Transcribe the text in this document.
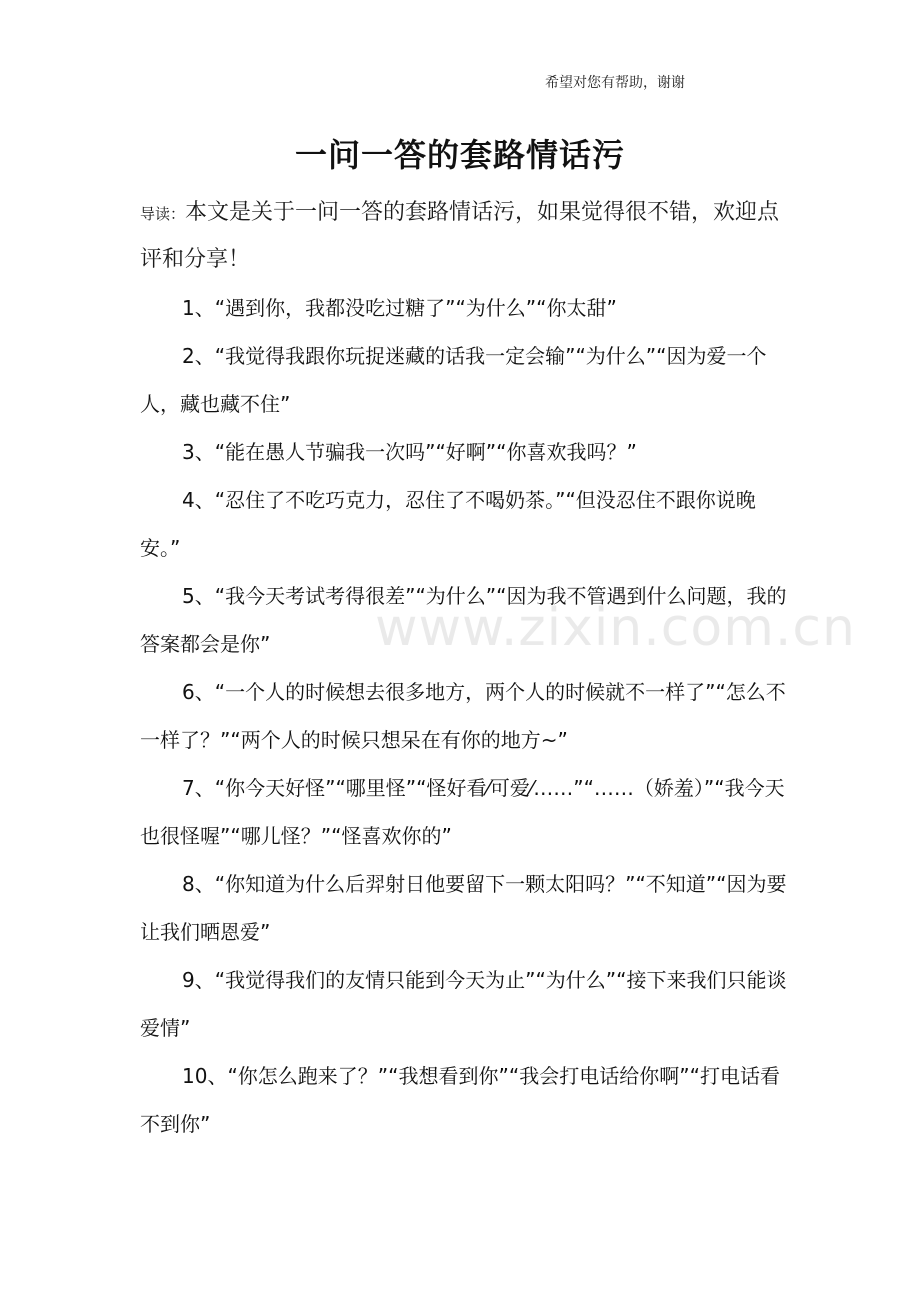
希望对您有帮助，谢谢
一问一答的套路情话污
导读：本文是关于一问一答的套路情话污，如果觉得很不错，欢迎点评和分享！

1、“遇到你，我都没吃过糖了”“为什么”“你太甜”

2、“我觉得我跟你玩捉迷藏的话我一定会输”“为什么”“因为爱一个人，藏也藏不住”

3、“能在愚人节骗我一次吗”“好啊”“你喜欢我吗？”

4、“忍住了不吃巧克力，忍住了不喝奶茶。”“但没忍住不跟你说晚安。”

5、“我今天考试考得很差”“为什么”“因为我不管遇到什么问题，我的答案都会是你”

6、“一个人的时候想去很多地方，两个人的时候就不一样了”“怎么不一样了？”“两个人的时候只想呆在有你的地方~”

7、“你今天好怪”“哪里怪”“怪好看⁄可爱⁄……”“……（娇羞）”“我今天也很怪喔”“哪儿怪？”“怪喜欢你的”

8、“你知道为什么后羿射日他要留下一颗太阳吗？”“不知道”“因为要让我们晒恩爱”

9、“我觉得我们的友情只能到今天为止”“为什么”“接下来我们只能谈爱情”

10、“你怎么跑来了？”“我想看到你”“我会打电话给你啊”“打电话看不到你”

www.zixin.com.cn
